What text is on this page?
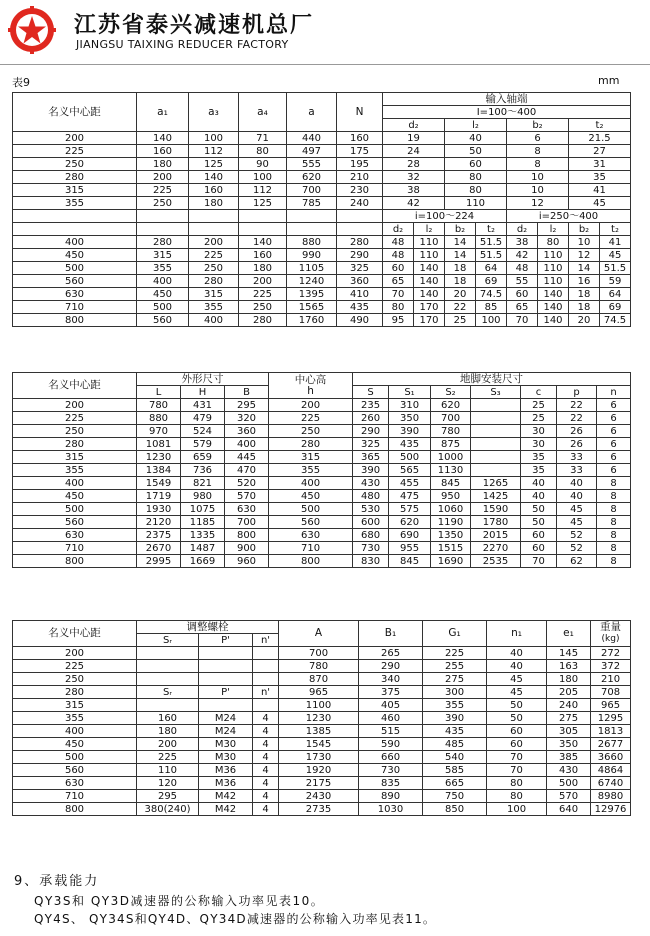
江苏省泰兴减速机总厂
JIANGSU TAIXING REDUCER FACTORY
表9	mm
名义中心距	a₁	a₃	a₄	a	N	输入轴端							
						I=100～400							
						d₂		l₂		b₂		t₂	
200	140	100	71	440	160	19		40		6		21.5	
225	160	112	80	497	175	24		50		8		27	
250	180	125	90	555	195	28		60		8		31	
280	200	140	100	620	210	32		80		10		35	
315	225	160	112	700	230	38		80		10		41	
355	250	180	125	785	240	42		110		12		45	
						i=100～224				i=250～400			
						d₂	l₂	b₂	t₂	d₂	l₂	b₂	t₂
400	280	200	140	880	280	48	110	14	51.5	38	80	10	41
450	315	225	160	990	290	48	110	14	51.5	42	110	12	45
500	355	250	180	1105	325	60	140	18	64	48	110	14	51.5
560	400	280	200	1240	360	65	140	18	69	55	110	16	59
630	450	315	225	1395	410	70	140	20	74.5	60	140	18	64
710	500	355	250	1565	435	80	170	22	85	65	140	18	69
800	560	400	280	1760	490	95	170	25	100	70	140	20	74.5
名义中心距	外形尺寸			中心高
h	地脚安装尺寸						
	L	H	B		S	S₁	S₂	S₃	c	p	n
200	780	431	295	200	235	310	620		25	22	6
225	880	479	320	225	260	350	700		25	22	6
250	970	524	360	250	290	390	780		30	26	6
280	1081	579	400	280	325	435	875		30	26	6
315	1230	659	445	315	365	500	1000		35	33	6
355	1384	736	470	355	390	565	1130		35	33	6
400	1549	821	520	400	430	455	845	1265	40	40	8
450	1719	980	570	450	480	475	950	1425	40	40	8
500	1930	1075	630	500	530	575	1060	1590	50	45	8
560	2120	1185	700	560	600	620	1190	1780	50	45	8
630	2375	1335	800	630	680	690	1350	2015	60	52	8
710	2670	1487	900	710	730	955	1515	2270	60	52	8
800	2995	1669	960	800	830	845	1690	2535	70	62	8
名义中心距	调整螺栓			A	B₁	G₁	n₁	e₁	重量
(kg)
	Sᵣ	P'	n'						
200				700	265	225	40	145	272
225				780	290	255	40	163	372
250				870	340	275	45	180	210
280	Sᵣ	P'	n'	965	375	300	45	205	708
315				1100	405	355	50	240	965
355	160	M24	4	1230	460	390	50	275	1295
400	180	M24	4	1385	515	435	60	305	1813
450	200	M30	4	1545	590	485	60	350	2677
500	225	M30	4	1730	660	540	70	385	3660
560	110	M36	4	1920	730	585	70	430	4864
630	120	M36	4	2175	835	665	80	500	6740
710	295	M42	4	2430	890	750	80	570	8980
800	380(240)	M42	4	2735	1030	850	100	640	12976
9、承载能力
QY3S和 QY3D减速器的公称输入功率见表10。
QY4S、 QY34S和QY4D、QY34D减速器的公称输入功率见表11。
